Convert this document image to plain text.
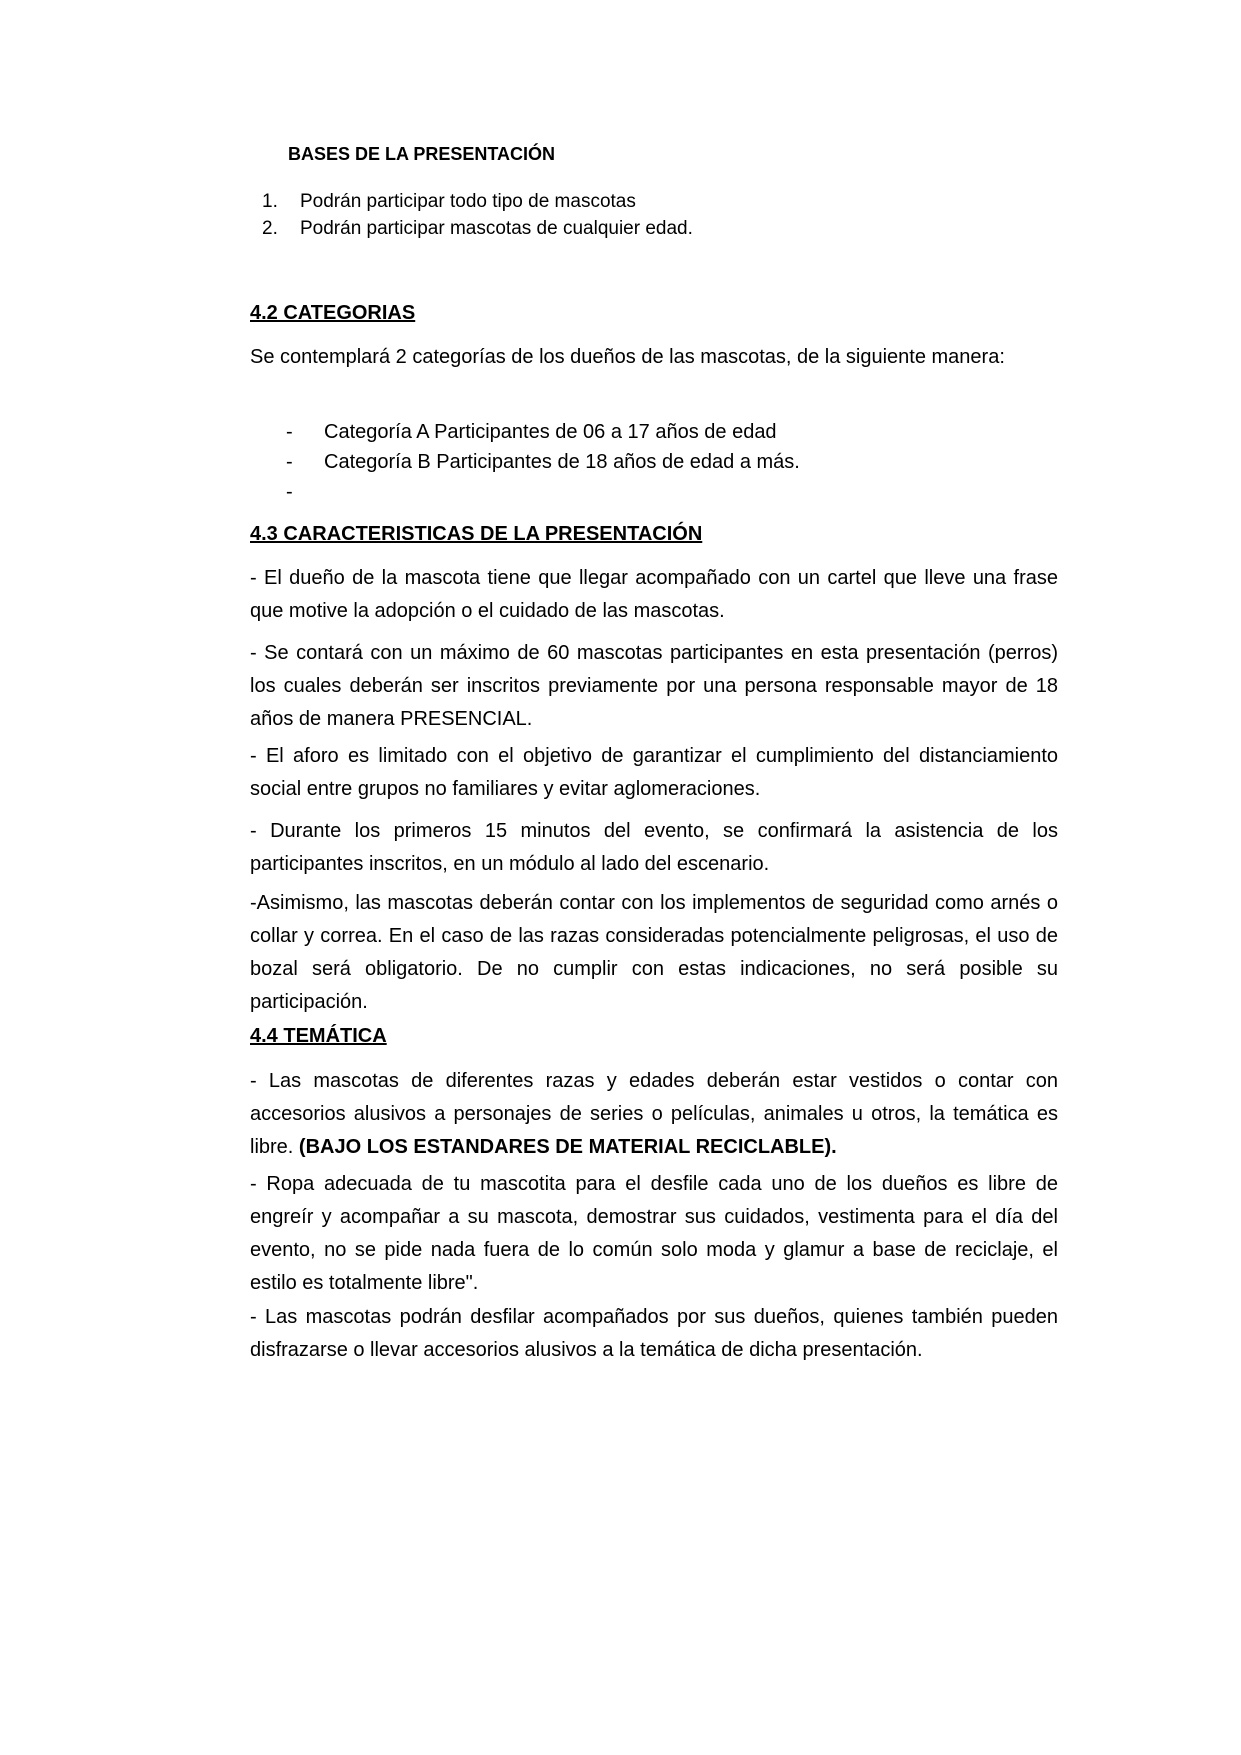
BASES DE LA PRESENTACIÓN

1. Podrán participar todo tipo de mascotas

2. Podrán participar mascotas de cualquier edad.

4.2 CATEGORIAS

Se contemplará 2 categorías de los dueños de las mascotas, de la siguiente manera:

- Categoría A Participantes de 06 a 17 años de edad

- Categoría B Participantes de 18 años de edad a más.

-

4.3 CARACTERISTICAS DE LA PRESENTACIÓN

- El dueño de la mascota tiene que llegar acompañado con un cartel que lleve una frase que motive la adopción o el cuidado de las mascotas.

- Se contará con un máximo de 60 mascotas participantes en esta presentación (perros) los cuales deberán ser inscritos previamente por una persona responsable mayor de 18 años de manera PRESENCIAL.

- El aforo es limitado con el objetivo de garantizar el cumplimiento del distanciamiento social entre grupos no familiares y evitar aglomeraciones.

- Durante los primeros 15 minutos del evento, se confirmará la asistencia de los participantes inscritos, en un módulo al lado del escenario.

-Asimismo, las mascotas deberán contar con los implementos de seguridad como arnés o collar y correa. En el caso de las razas consideradas potencialmente peligrosas, el uso de bozal será obligatorio. De no cumplir con estas indicaciones, no será posible su participación.

4.4 TEMÁTICA

- Las mascotas de diferentes razas y edades deberán estar vestidos o contar con accesorios alusivos a personajes de series o películas, animales u otros, la temática es libre. (BAJO LOS ESTANDARES DE MATERIAL RECICLABLE).

- Ropa adecuada de tu mascotita para el desfile cada uno de los dueños es libre de engreír y acompañar a su mascota, demostrar sus cuidados, vestimenta para el día del evento, no se pide nada fuera de lo común solo moda y glamur a base de reciclaje, el estilo es totalmente libre".

- Las mascotas podrán desfilar acompañados por sus dueños, quienes también pueden disfrazarse o llevar accesorios alusivos a la temática de dicha presentación.
